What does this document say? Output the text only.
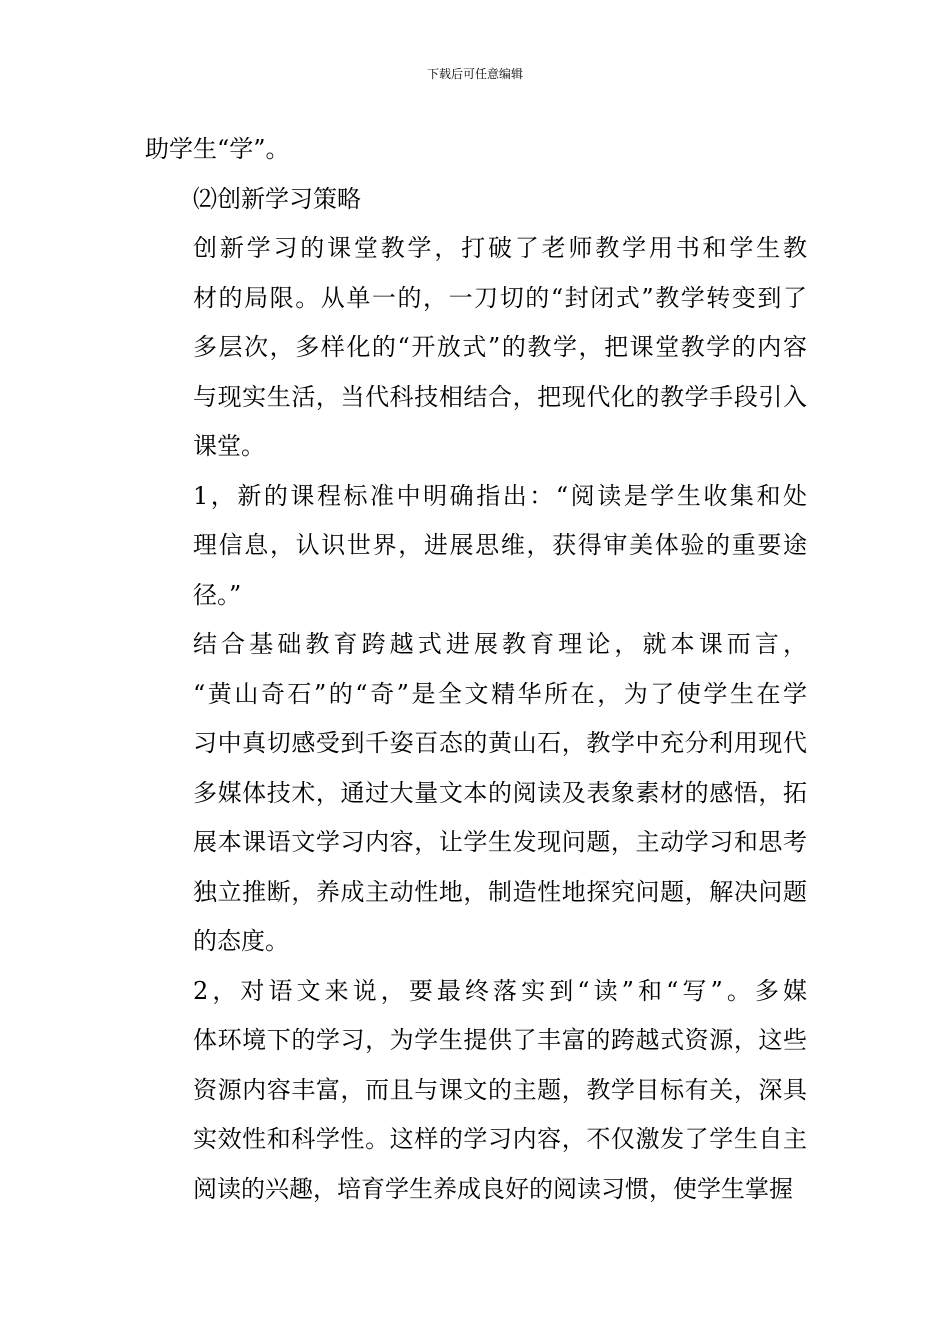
下载后可任意编辑

助学生“学”。

⑵创新学习策略

创新学习的课堂教学，打破了老师教学用书和学生教
材的局限。从单一的，一刀切的“封闭式”教学转变到了
多层次，多样化的“开放式”的教学，把课堂教学的内容
与现实生活，当代科技相结合，把现代化的教学手段引入
课堂。

1，新的课程标准中明确指出：“阅读是学生收集和处
理信息，认识世界，进展思维，获得审美体验的重要途
径。”

结合基础教育跨越式进展教育理论，就本课而言，
“黄山奇石”的“奇”是全文精华所在，为了使学生在学
习中真切感受到千姿百态的黄山石，教学中充分利用现代
多媒体技术，通过大量文本的阅读及表象素材的感悟，拓
展本课语文学习内容，让学生发现问题，主动学习和思考
独立推断，养成主动性地，制造性地探究问题，解决问题
的态度。

2，对语文来说，要最终落实到“读”和“写”。多媒
体环境下的学习，为学生提供了丰富的跨越式资源，这些
资源内容丰富，而且与课文的主题，教学目标有关，深具
实效性和科学性。这样的学习内容，不仅激发了学生自主
阅读的兴趣，培育学生养成良好的阅读习惯，使学生掌握
